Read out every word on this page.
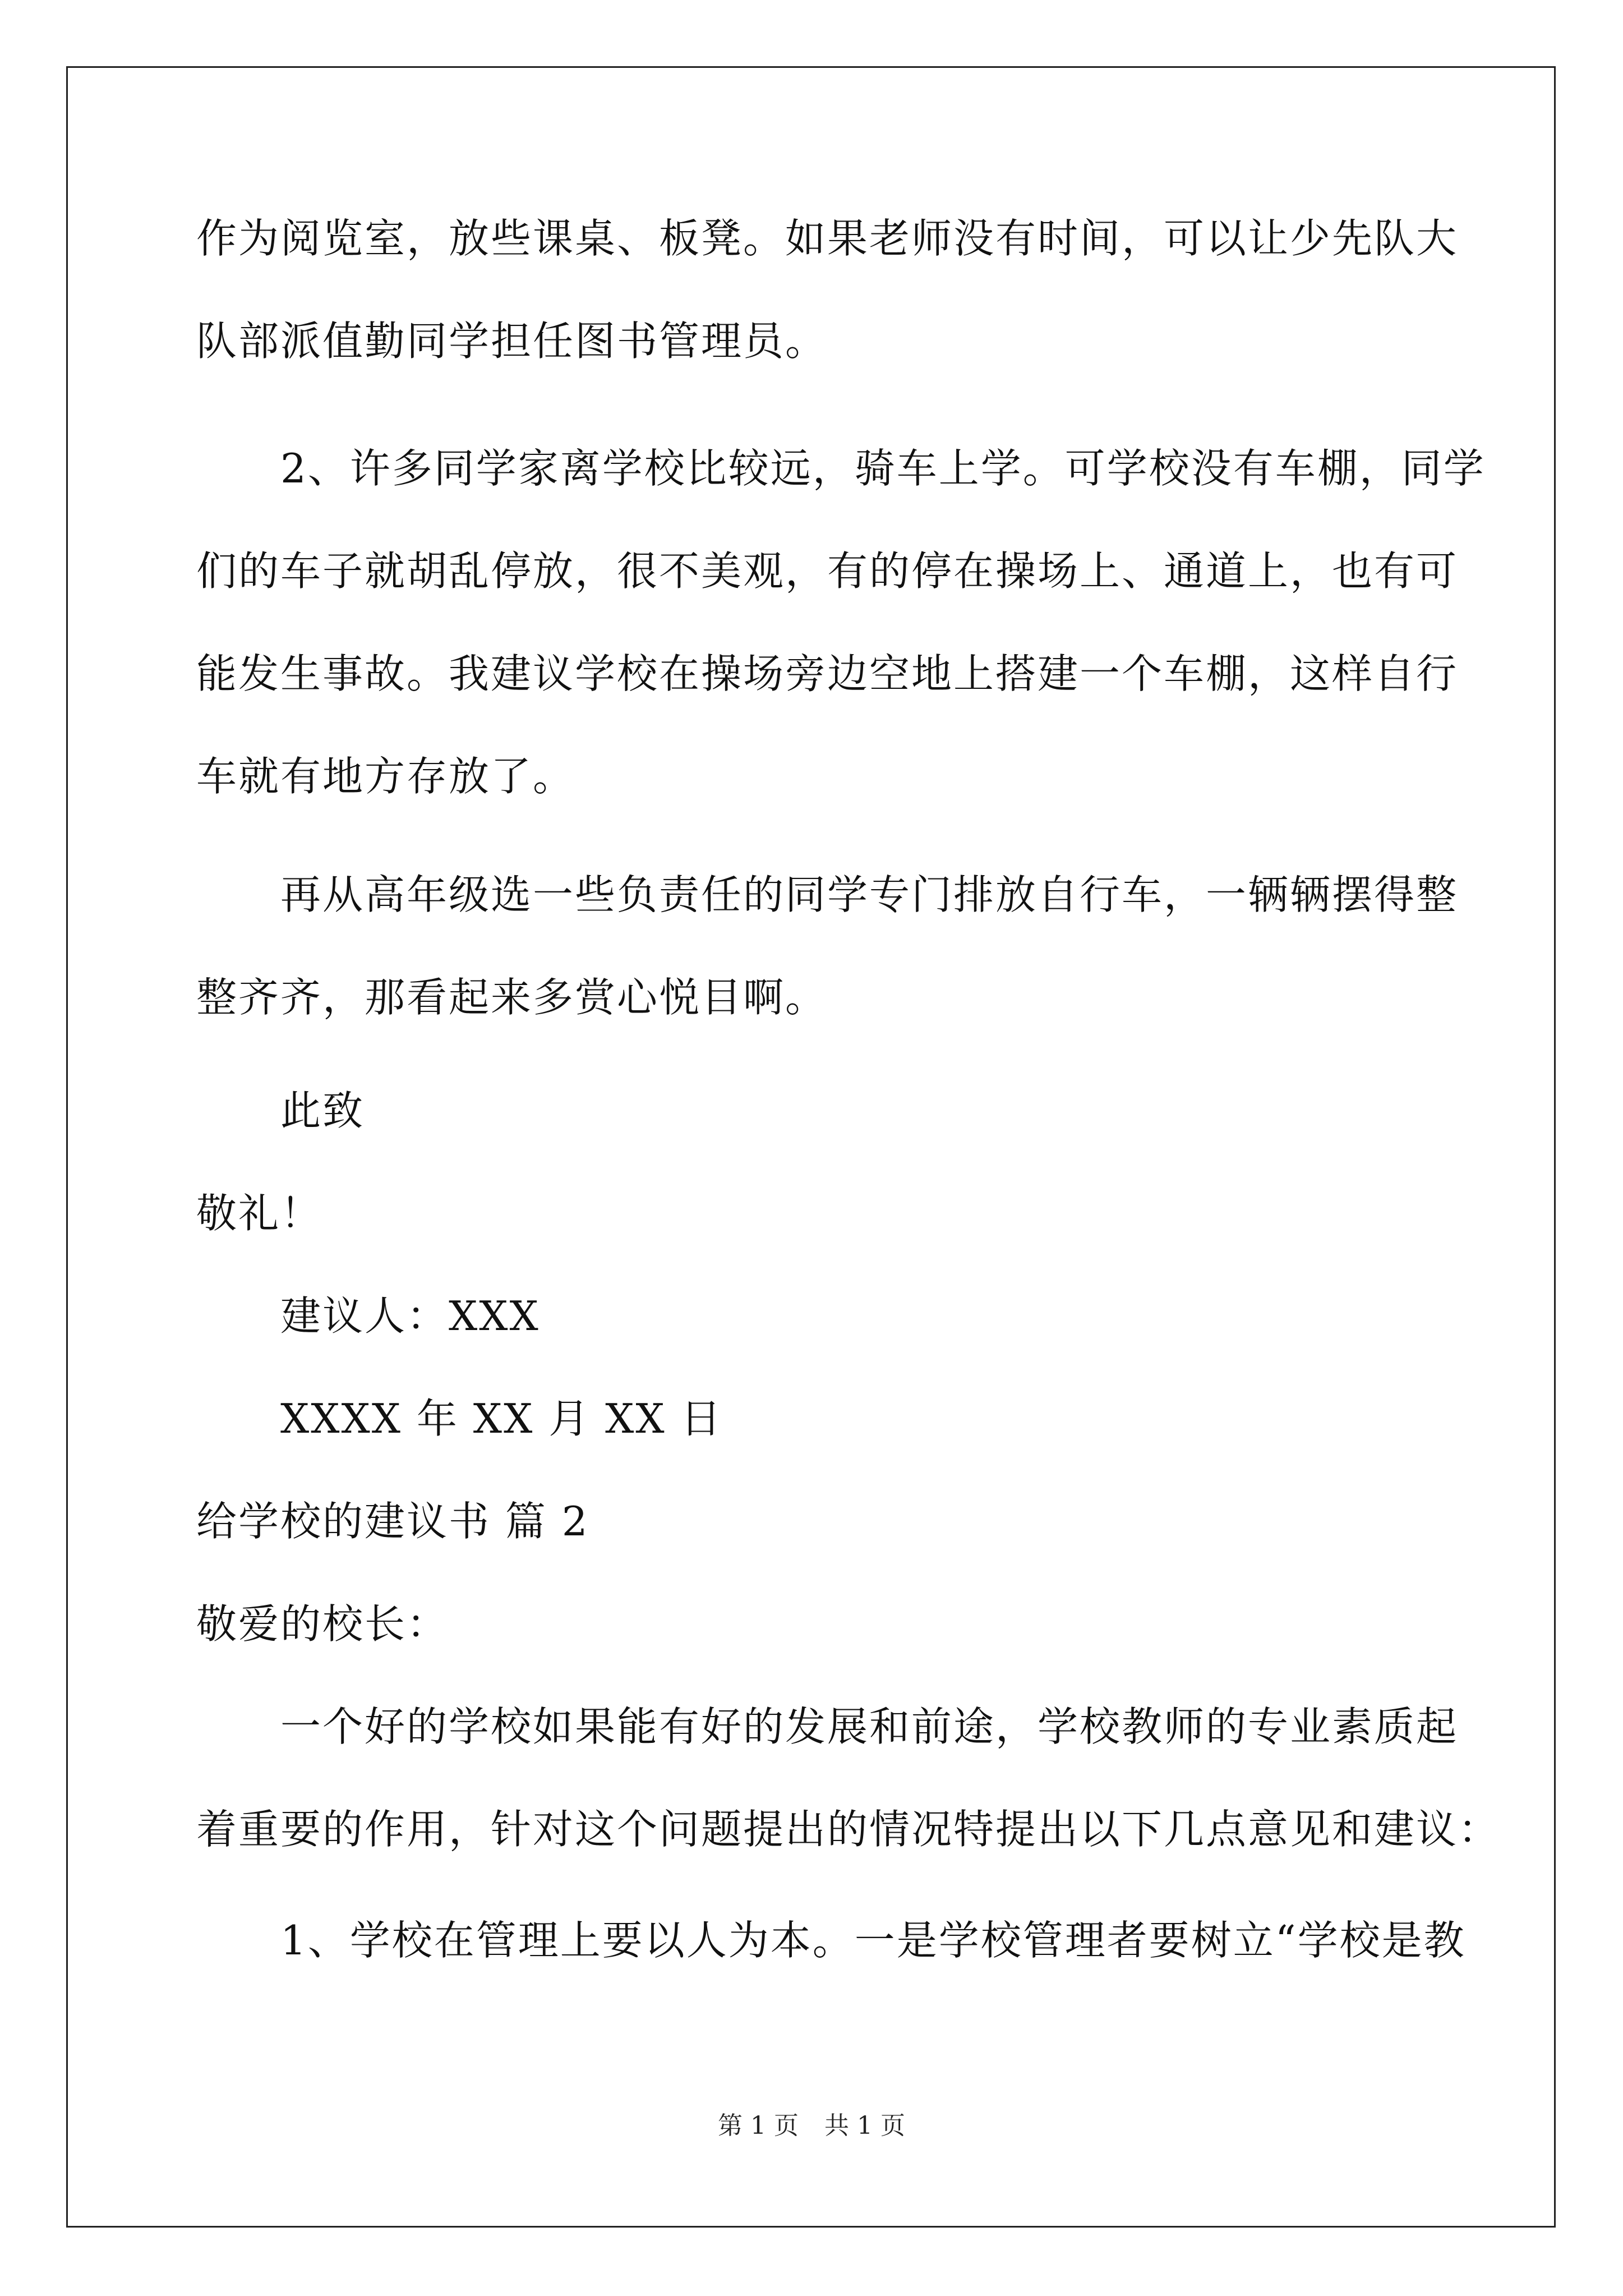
作为阅览室，放些课桌、板凳。如果老师没有时间，可以让少先队大
队部派值勤同学担任图书管理员。
2、许多同学家离学校比较远，骑车上学。可学校没有车棚，同学
们的车子就胡乱停放，很不美观，有的停在操场上、通道上，也有可
能发生事故。我建议学校在操场旁边空地上搭建一个车棚，这样自行
车就有地方存放了。
再从高年级选一些负责任的同学专门排放自行车，一辆辆摆得整
整齐齐，那看起来多赏心悦目啊。
此致
敬礼！
建议人：XXX
XXXX 年 XX 月 XX 日
给学校的建议书 篇 2
敬爱的校长：
一个好的学校如果能有好的发展和前途，学校教师的专业素质起
着重要的作用，针对这个问题提出的情况特提出以下几点意见和建议：
1、学校在管理上要以人为本。一是学校管理者要树立“学校是教
第 1 页 共 1 页
